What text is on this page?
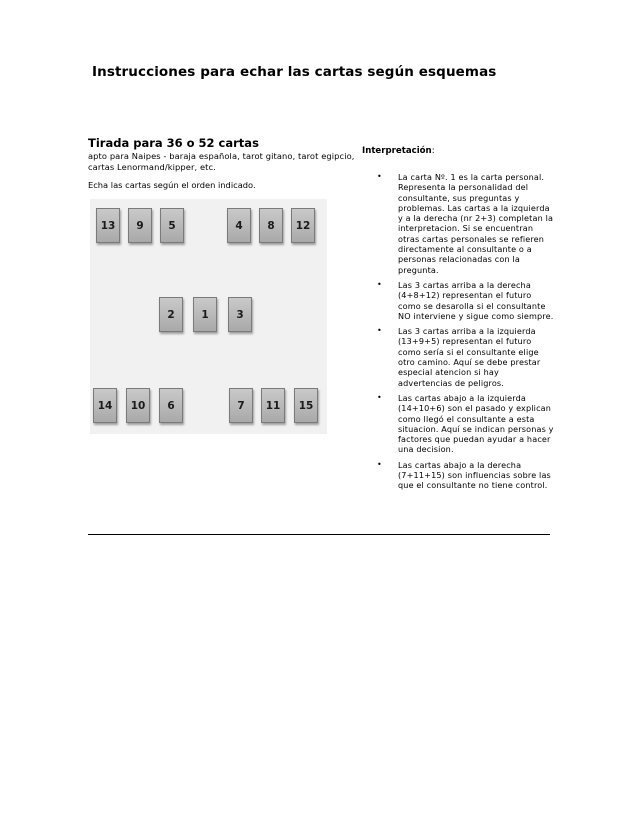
Instrucciones para echar las cartas según esquemas
Tirada para 36 o 52 cartas

apto para Naipes - baraja española, tarot gitano, tarot egipcio, cartas Lenormand/kipper, etc.

Echa las cartas según el orden indicado.

13	9	5	4	8	12
2	1	3
14	10	6	7	11	15

Interpretación:

• La carta Nº. 1 es la carta personal. Representa la personalidad del consultante, sus preguntas y problemas. Las cartas a la izquierda y a la derecha (nr 2+3) completan la interpretacion. Si se encuentran otras cartas personales se refieren directamente al consultante o a personas relacionadas con la pregunta.
• Las 3 cartas arriba a la derecha (4+8+12) representan el futuro como se desarolla si el consultante NO interviene y sigue como siempre.
• Las 3 cartas arriba a la izquierda (13+9+5) representan el futuro como sería si el consultante elige otro camino. Aquí se debe prestar especial atencion si hay advertencias de peligros.
• Las cartas abajo a la izquierda (14+10+6) son el pasado y explican como llegó el consultante a esta situacion. Aquí se indican personas y factores que puedan ayudar a hacer una decision.
• Las cartas abajo a la derecha (7+11+15) son influencias sobre las que el consultante no tiene control.
